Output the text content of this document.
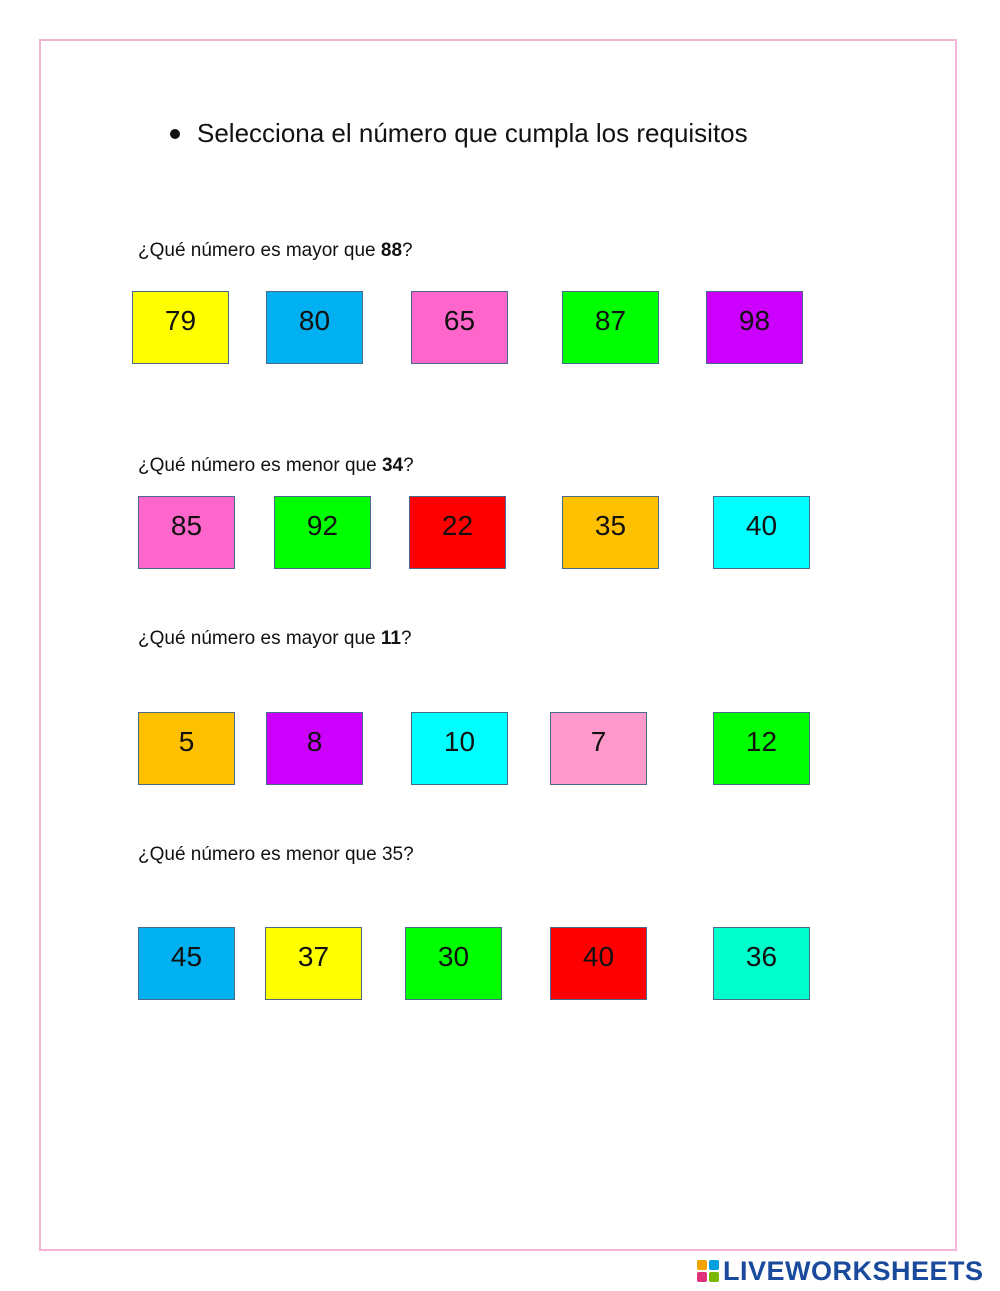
Selecciona el número que cumpla los requisitos
¿Qué número es mayor que 88?
79	80	65	87	98
¿Qué número es menor que 34?
85	92	22	35	40
¿Qué número es mayor que 11?
5	8	10	7	12
¿Qué número es menor que 35?
45	37	30	40	36
LIVEWORKSHEETS
